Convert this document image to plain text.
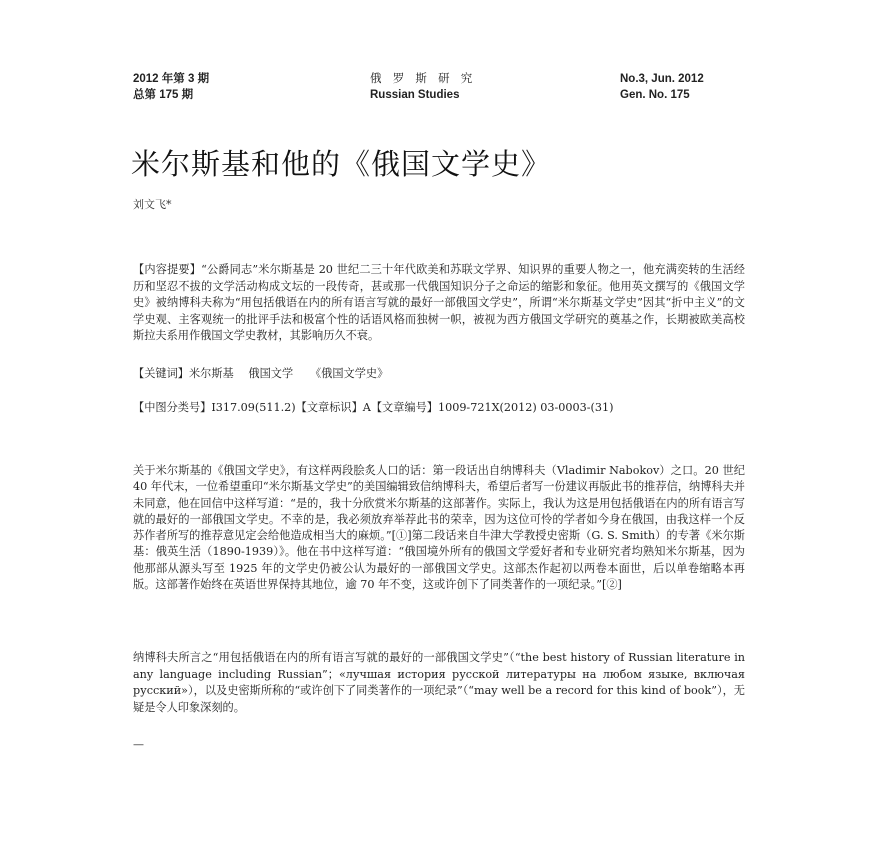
2012 年第 3 期
总第 175 期
俄 罗 斯 研 究
Russian Studies
No.3, Jun. 2012
Gen. No. 175
米尔斯基和他的《俄国文学史》
刘文飞*
【内容提要】“公爵同志”米尔斯基是 20 世纪二三十年代欧美和苏联文学界、知识界的重要人物之一，他充满奕转的生活经历和坚忍不拔的文学活动构成文坛的一段传奇，甚或那一代俄国知识分子之命运的缩影和象征。他用英文撰写的《俄国文学史》被纳博科夫称为“用包括俄语在内的所有语言写就的最好一部俄国文学史”，所谓“米尔斯基文学史”因其“折中主义”的文学史观、主客观统一的批评手法和极富个性的话语风格而独树一帜，被视为西方俄国文学研究的奠基之作，长期被欧美高校斯拉夫系用作俄国文学史教材，其影响历久不衰。
【关键词】米尔斯基　 俄国文学　　《俄国文学史》
【中图分类号】I317.09(511.2)【文章标识】A【文章编号】1009-721X(2012) 03-0003-(31)
关于米尔斯基的《俄国文学史》，有这样两段脍炙人口的话：第一段话出自纳博科夫（Vladimir Nabokov）之口。20 世纪 40 年代末，一位希望重印“米尔斯基文学史”的美国编辑致信纳博科夫，希望后者写一份建议再版此书的推荐信，纳博科夫并未同意，他在回信中这样写道：“是的，我十分欣赏米尔斯基的这部著作。实际上，我认为这是用包括俄语在内的所有语言写就的最好的一部俄国文学史。不幸的是，我必须放弃举荐此书的荣幸，因为这位可怜的学者如今身在俄国，由我这样一个反苏作者所写的推荐意见定会给他造成相当大的麻烦。”[①]第二段话来自牛津大学教授史密斯（G. S. Smith）的专著《米尔斯基：俄英生活（1890-1939）》。他在书中这样写道：“俄国境外所有的俄国文学爱好者和专业研究者均熟知米尔斯基，因为他那部从源头写至 1925 年的文学史仍被公认为最好的一部俄国文学史。这部杰作起初以两卷本面世，后以单卷缩略本再版。这部著作始终在英语世界保持其地位，逾 70 年不变，这或许创下了同类著作的一项纪录。”[②]
纳博科夫所言之“用包括俄语在内的所有语言写就的最好的一部俄国文学史”（“the best history of Russian literature in any language including Russian”；«лучшая история русской литературы на любом языке, включая русский»），以及史密斯所称的“或许创下了同类著作的一项纪录”（“may well be a record for this kind of book”），无疑是令人印象深刻的。
—
